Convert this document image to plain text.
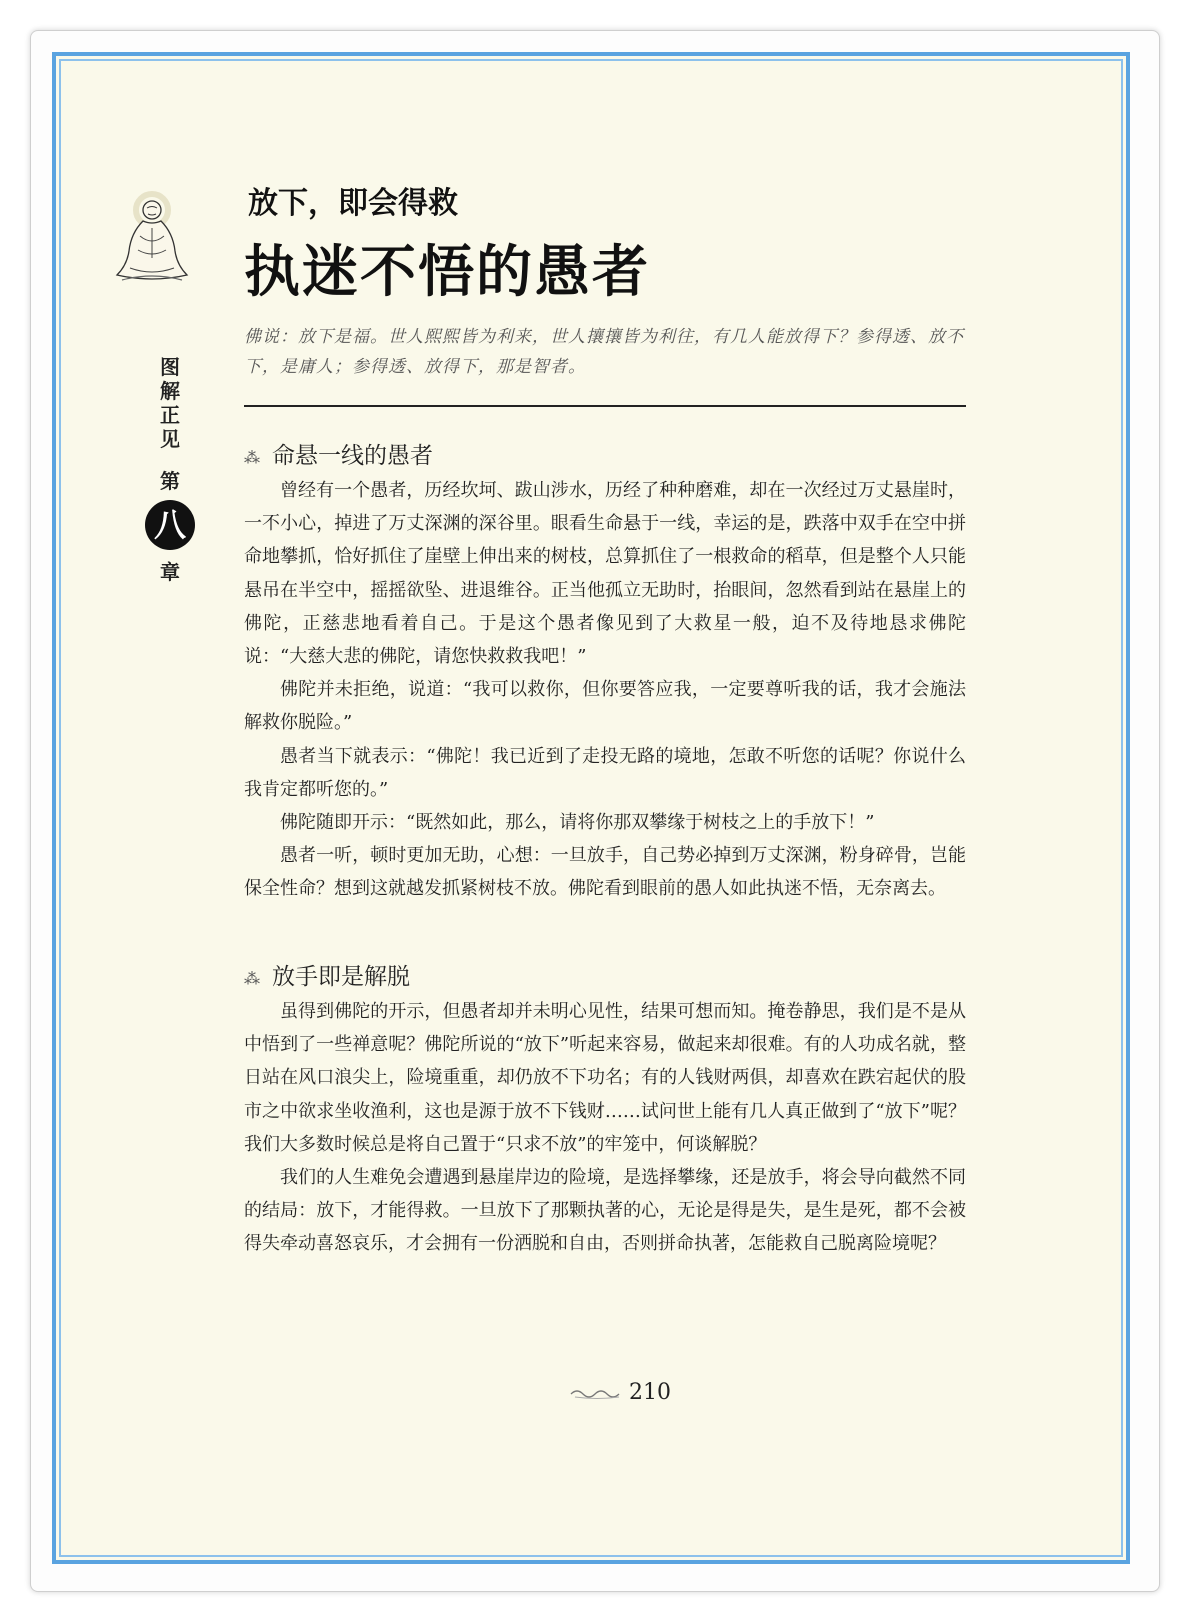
图
解
正
见
第
八
章
放下，即会得救
执迷不悟的愚者
佛说：放下是福。世人熙熙皆为利来，世人攘攘皆为利往，有几人能放得下？参得透、放不下，是庸人；参得透、放得下，那是智者。
⁂ 命悬一线的愚者

曾经有一个愚者，历经坎坷、跋山涉水，历经了种种磨难，却在一次经过万丈悬崖时，一不小心，掉进了万丈深渊的深谷里。眼看生命悬于一线，幸运的是，跌落中双手在空中拼命地攀抓，恰好抓住了崖壁上伸出来的树枝，总算抓住了一根救命的稻草，但是整个人只能悬吊在半空中，摇摇欲坠、进退维谷。正当他孤立无助时，抬眼间，忽然看到站在悬崖上的佛陀，正慈悲地看着自己。于是这个愚者像见到了大救星一般，迫不及待地恳求佛陀说：“大慈大悲的佛陀，请您快救救我吧！”

佛陀并未拒绝，说道：“我可以救你，但你要答应我，一定要尊听我的话，我才会施法解救你脱险。”

愚者当下就表示：“佛陀！我已近到了走投无路的境地，怎敢不听您的话呢？你说什么我肯定都听您的。”

佛陀随即开示：“既然如此，那么，请将你那双攀缘于树枝之上的手放下！”

愚者一听，顿时更加无助，心想：一旦放手，自己势必掉到万丈深渊，粉身碎骨，岂能保全性命？想到这就越发抓紧树枝不放。佛陀看到眼前的愚人如此执迷不悟，无奈离去。

⁂ 放手即是解脱

虽得到佛陀的开示，但愚者却并未明心见性，结果可想而知。掩卷静思，我们是不是从中悟到了一些禅意呢？佛陀所说的“放下”听起来容易，做起来却很难。有的人功成名就，整日站在风口浪尖上，险境重重，却仍放不下功名；有的人钱财两俱，却喜欢在跌宕起伏的股市之中欲求坐收渔利，这也是源于放不下钱财……试问世上能有几人真正做到了“放下”呢？我们大多数时候总是将自己置于“只求不放”的牢笼中，何谈解脱？

我们的人生难免会遭遇到悬崖岸边的险境，是选择攀缘，还是放手，将会导向截然不同的结局：放下，才能得救。一旦放下了那颗执著的心，无论是得是失，是生是死，都不会被得失牵动喜怒哀乐，才会拥有一份洒脱和自由，否则拼命执著，怎能救自己脱离险境呢？

210
